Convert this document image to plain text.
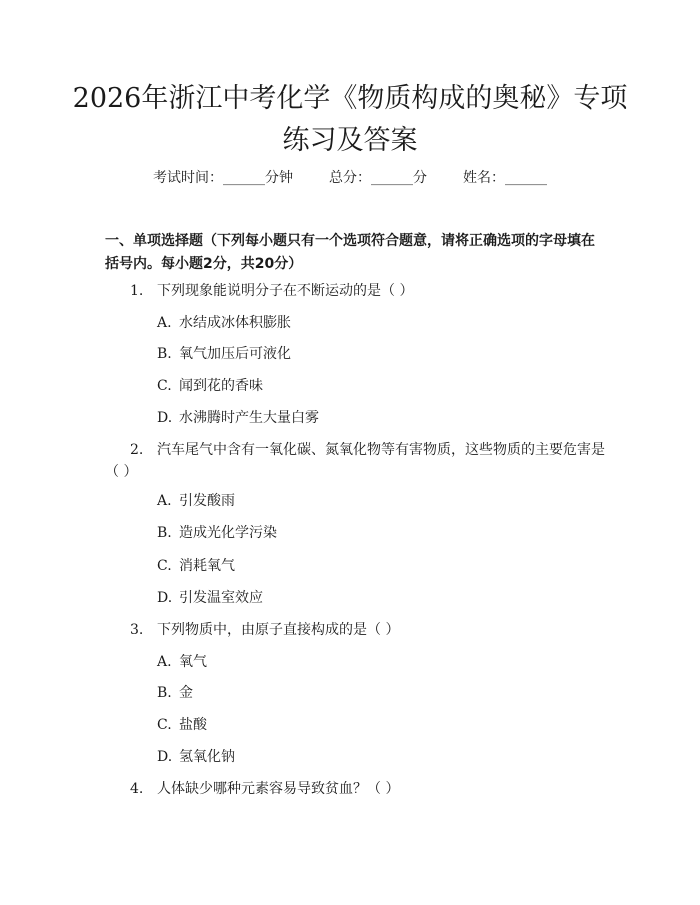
2026年浙江中考化学《物质构成的奥秘》专项练习及答案
考试时间：______分钟	总分：______分	姓名：______
一、单项选择题（下列每小题只有一个选项符合题意，请将正确选项的字母填在括号内。每小题2分，共20分）
1. 下列现象能说明分子在不断运动的是（ ）
A. 水结成冰体积膨胀
B. 氧气加压后可液化
C. 闻到花的香味
D. 水沸腾时产生大量白雾
2. 汽车尾气中含有一氧化碳、氮氧化物等有害物质，这些物质的主要危害是（ ）
A. 引发酸雨
B. 造成光化学污染
C. 消耗氧气
D. 引发温室效应
3. 下列物质中，由原子直接构成的是（ ）
A. 氧气
B. 金
C. 盐酸
D. 氢氧化钠
4. 人体缺少哪种元素容易导致贫血？（ ）
